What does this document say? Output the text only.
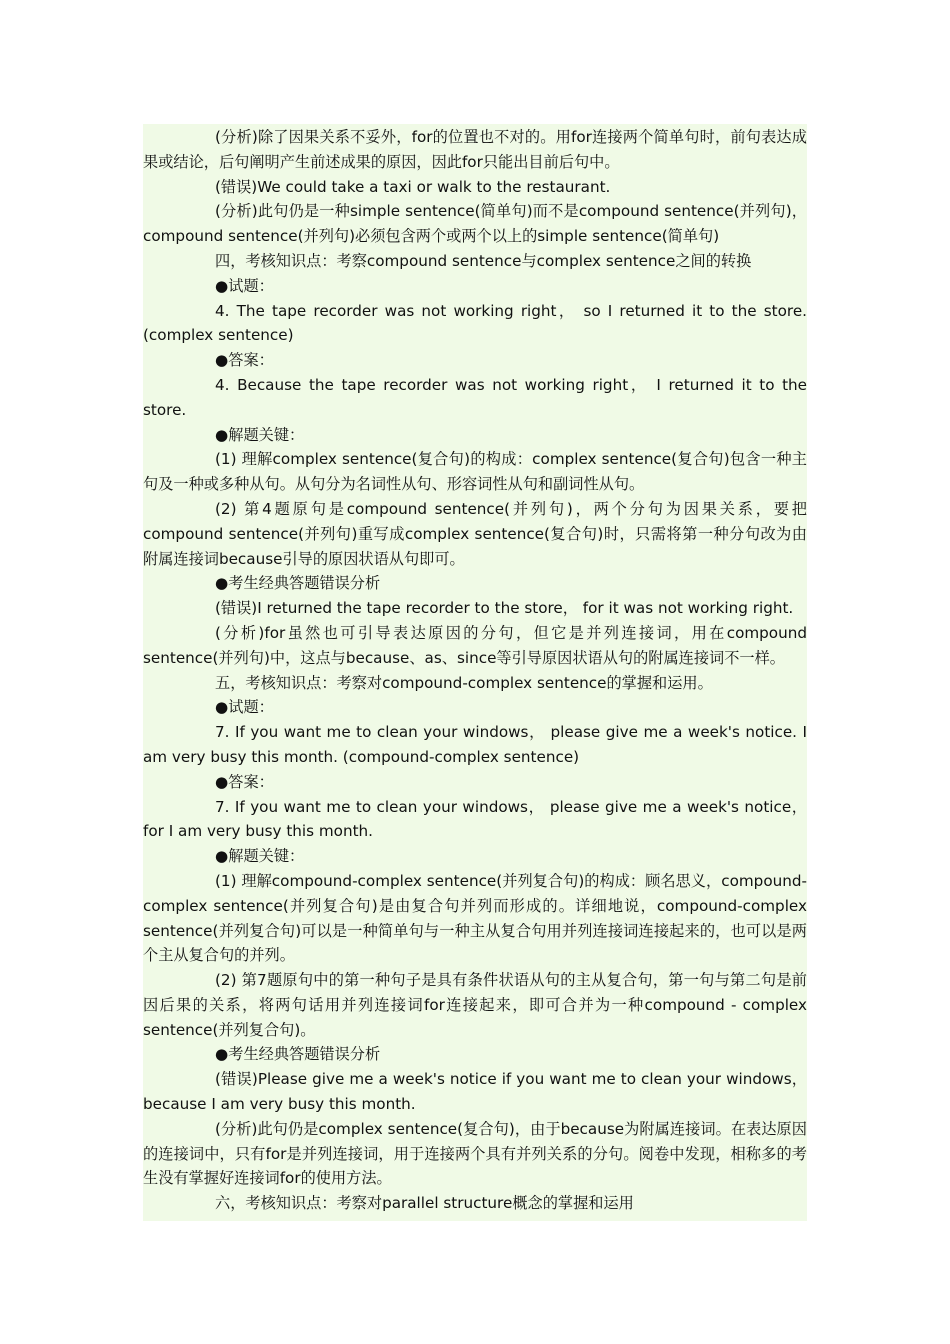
(分析)除了因果关系不妥外，for的位置也不对的。用for连接两个简单句时，前句表达成果或结论，后句阐明产生前述成果的原因，因此for只能出目前后句中。

(错误)We could take a taxi or walk to the restaurant.

(分析)此句仍是一种simple sentence(简单句)而不是compound sentence(并列句)，compound sentence(并列句)必须包含两个或两个以上的simple sentence(简单句)

四，考核知识点：考察compound sentence与complex sentence之间的转换

●试题：

4. The tape recorder was not working right， so I returned it to the store. (complex sentence)

●答案：

4. Because the tape recorder was not working right， I returned it to the store.

●解题关键：

(1) 理解complex sentence(复合句)的构成：complex sentence(复合句)包含一种主句及一种或多种从句。从句分为名词性从句、形容词性从句和副词性从句。

(2) 第4题原句是compound sentence(并列句)，两个分句为因果关系，要把compound sentence(并列句)重写成complex sentence(复合句)时，只需将第一种分句改为由附属连接词because引导的原因状语从句即可。

●考生经典答题错误分析

(错误)I returned the tape recorder to the store， for it was not working right.

(分析)for虽然也可引导表达原因的分句，但它是并列连接词，用在compound sentence(并列句)中，这点与because、as、since等引导原因状语从句的附属连接词不一样。

五，考核知识点：考察对compound-complex sentence的掌握和运用。

●试题：

7. If you want me to clean your windows， please give me a week's notice. I am very busy this month. (compound-complex sentence)

●答案：

7. If you want me to clean your windows， please give me a week's notice，for I am very busy this month.

●解题关键：

(1) 理解compound-complex sentence(并列复合句)的构成：顾名思义，compound-complex sentence(并列复合句)是由复合句并列而形成的。详细地说，compound-complex sentence(并列复合句)可以是一种简单句与一种主从复合句用并列连接词连接起来的，也可以是两个主从复合句的并列。

(2) 第7题原句中的第一种句子是具有条件状语从句的主从复合句，第一句与第二句是前因后果的关系，将两句话用并列连接词for连接起来，即可合并为一种compound - complex sentence(并列复合句)。

●考生经典答题错误分析

(错误)Please give me a week's notice if you want me to clean your windows，because I am very busy this month.

(分析)此句仍是complex sentence(复合句)，由于because为附属连接词。在表达原因的连接词中，只有for是并列连接词，用于连接两个具有并列关系的分句。阅卷中发现，相称多的考生没有掌握好连接词for的使用方法。

六，考核知识点：考察对parallel structure概念的掌握和运用
